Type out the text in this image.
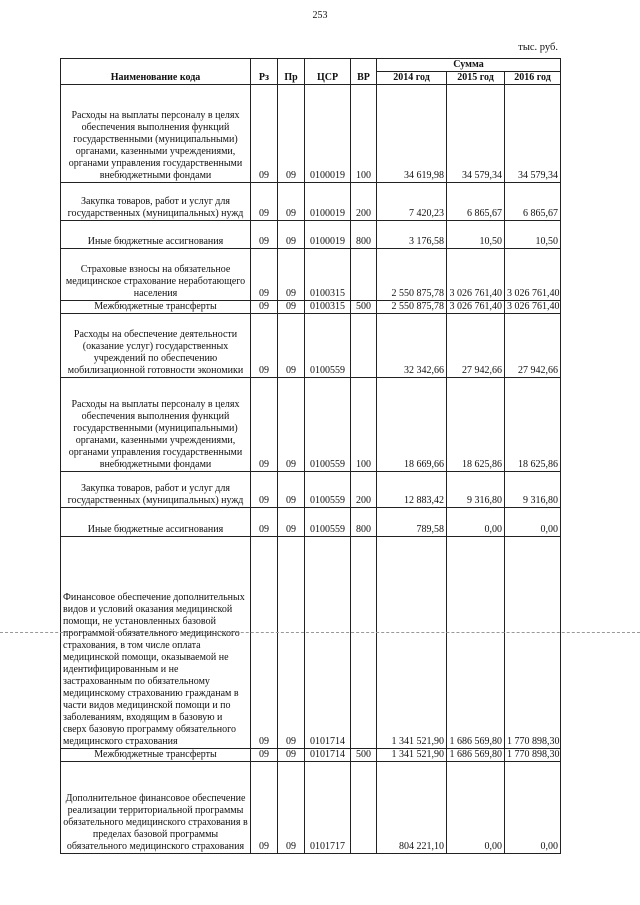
253
тыс. руб.
Наименование кода	Рз	Пр	ЦСР	ВР	Сумма		
					2014 год	2015 год	2016 год
Расходы на выплаты персоналу в целях обеспечения выполнения функций государственными (муниципальными) органами, казенными учреждениями, органами управления государственными внебюджетными фондами	09	09	0100019	100	34 619,98	34 579,34	34 579,34
Закупка товаров, работ и услуг для государственных (муниципальных) нужд	09	09	0100019	200	7 420,23	6 865,67	6 865,67
Иные бюджетные ассигнования	09	09	0100019	800	3 176,58	10,50	10,50
Страховые взносы на обязательное медицинское страхование неработающего населения	09	09	0100315		2 550 875,78	3 026 761,40	3 026 761,40
Межбюджетные трансферты	09	09	0100315	500	2 550 875,78	3 026 761,40	3 026 761,40
Расходы на обеспечение деятельности (оказание услуг) государственных учреждений по обеспечению мобилизационной готовности экономики	09	09	0100559		32 342,66	27 942,66	27 942,66
Расходы на выплаты персоналу в целях обеспечения выполнения функций государственными (муниципальными) органами, казенными учреждениями, органами управления государственными внебюджетными фондами	09	09	0100559	100	18 669,66	18 625,86	18 625,86
Закупка товаров, работ и услуг для государственных (муниципальных) нужд	09	09	0100559	200	12 883,42	9 316,80	9 316,80
Иные бюджетные ассигнования	09	09	0100559	800	789,58	0,00	0,00
Финансовое обеспечение дополнительных видов и условий оказания медицинской помощи, не установленных базовой программой обязательного медицинского страхования, в том числе оплата медицинской помощи, оказываемой не идентифицированным и не застрахованным по обязательному медицинскому страхованию гражданам в части видов медицинской помощи и по заболеваниям, входящим в базовую и сверх базовую программу обязательного медицинского страхования	09	09	0101714		1 341 521,90	1 686 569,80	1 770 898,30
Межбюджетные трансферты	09	09	0101714	500	1 341 521,90	1 686 569,80	1 770 898,30
Дополнительное финансовое обеспечение реализации территориальной программы обязательного медицинского страхования в пределах базовой программы обязательного медицинского страхования	09	09	0101717		804 221,10	0,00	0,00
